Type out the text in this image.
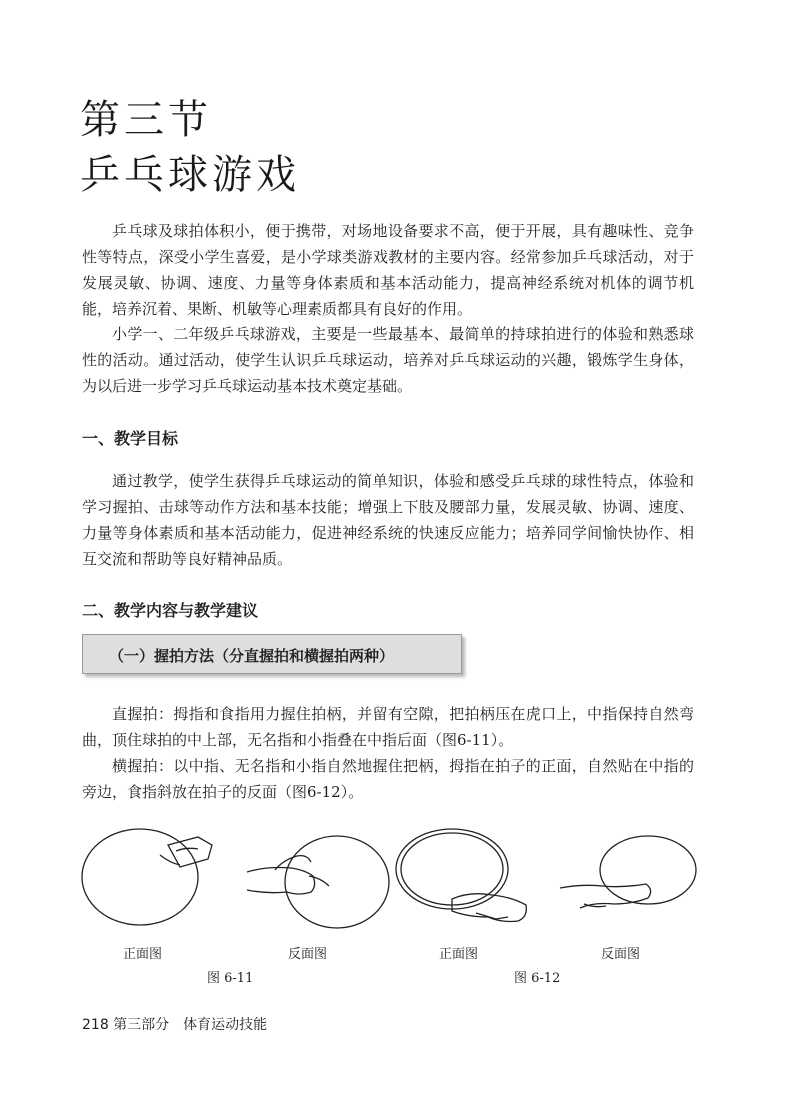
第三节
乒乓球游戏

乒乓球及球拍体积小，便于携带，对场地设备要求不高，便于开展，具有趣味性、竞争性等特点，深受小学生喜爱，是小学球类游戏教材的主要内容。经常参加乒乓球活动，对于发展灵敏、协调、速度、力量等身体素质和基本活动能力，提高神经系统对机体的调节机能，培养沉着、果断、机敏等心理素质都具有良好的作用。

小学一、二年级乒乓球游戏，主要是一些最基本、最简单的持球拍进行的体验和熟悉球性的活动。通过活动，使学生认识乒乓球运动，培养对乒乓球运动的兴趣，锻炼学生身体，为以后进一步学习乒乓球运动基本技术奠定基础。

一、教学目标

通过教学，使学生获得乒乓球运动的简单知识，体验和感受乒乓球的球性特点，体验和学习握拍、击球等动作方法和基本技能；增强上下肢及腰部力量，发展灵敏、协调、速度、力量等身体素质和基本活动能力，促进神经系统的快速反应能力；培养同学间愉快协作、相互交流和帮助等良好精神品质。

二、教学内容与教学建议
（一）握拍方法（分直握拍和横握拍两种）

直握拍：拇指和食指用力握住拍柄，并留有空隙，把拍柄压在虎口上，中指保持自然弯曲，顶住球拍的中上部，无名指和小指叠在中指后面（图6-11）。

横握拍：以中指、无名指和小指自然地握住把柄，拇指在拍子的正面，自然贴在中指的旁边，食指斜放在拍子的反面（图6-12）。

正面图	反面图	正面图	反面图
图 6-11	图 6-12
218 第三部分　体育运动技能
